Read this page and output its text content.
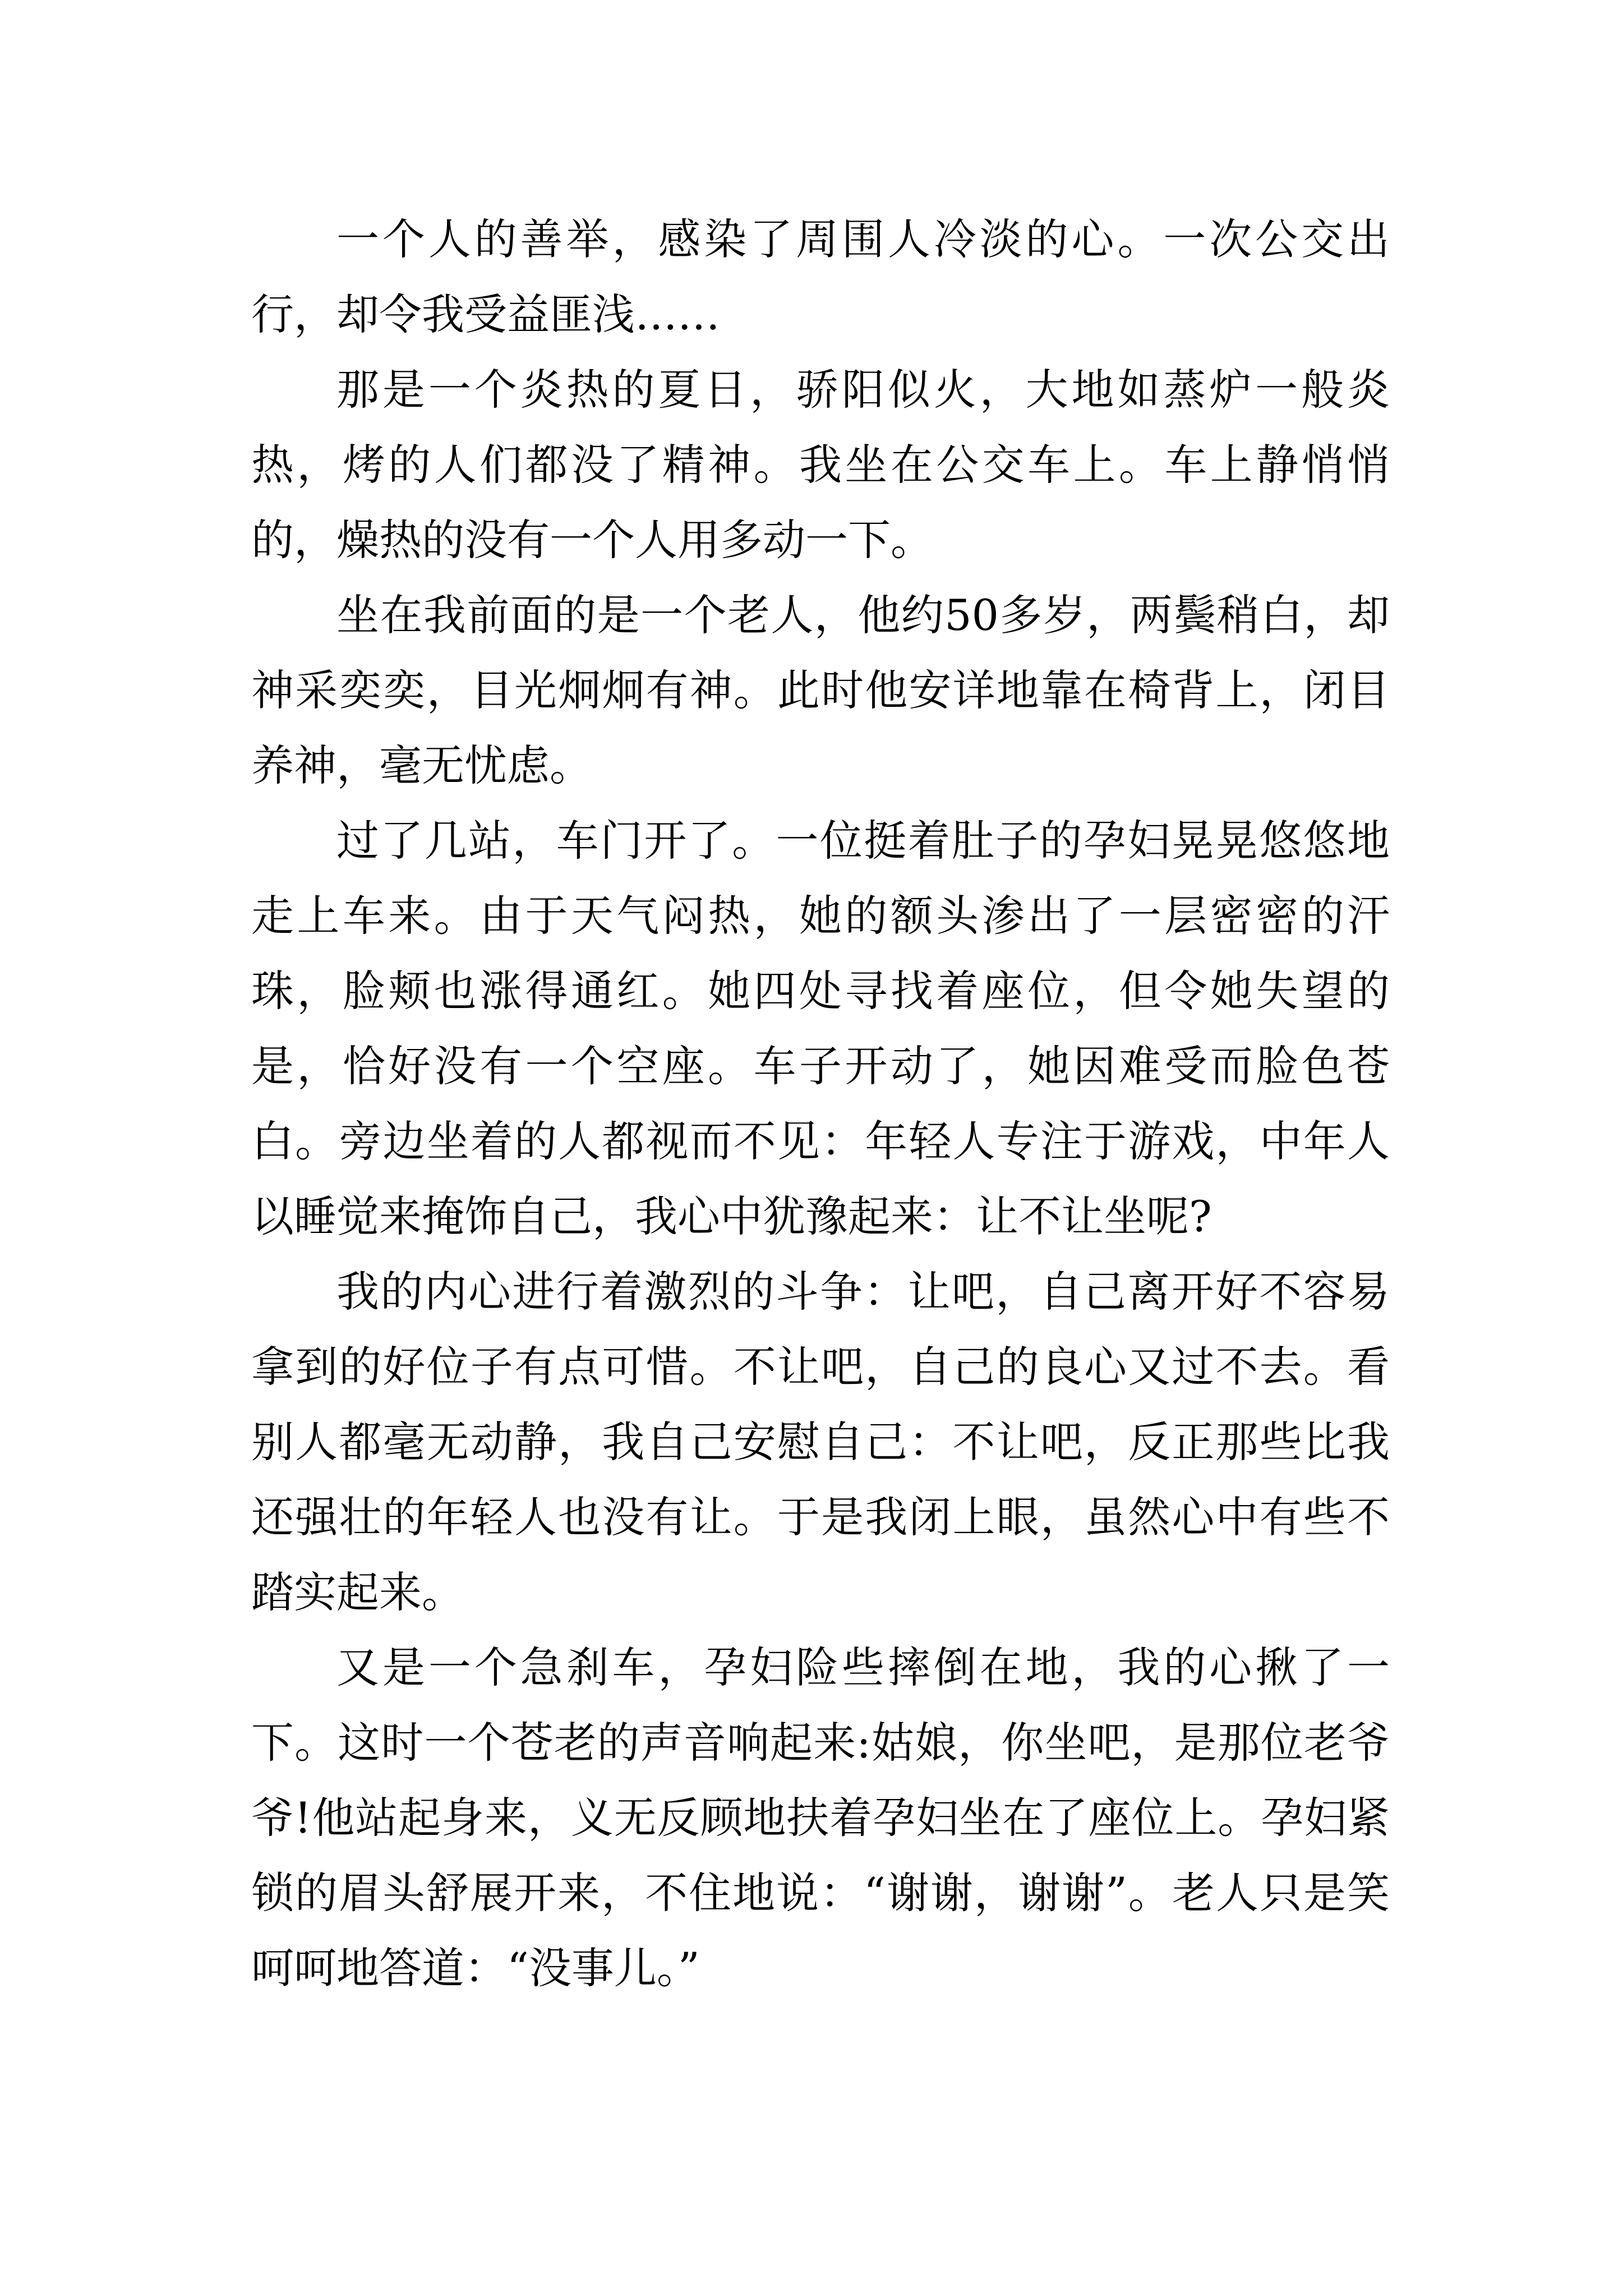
一个人的善举，感染了周围人冷淡的心。一次公交出行，却令我受益匪浅……

那是一个炎热的夏日，骄阳似火，大地如蒸炉一般炎热，烤的人们都没了精神。我坐在公交车上。车上静悄悄的，燥热的没有一个人用多动一下。

坐在我前面的是一个老人，他约50多岁，两鬓稍白，却神采奕奕，目光炯炯有神。此时他安详地靠在椅背上，闭目养神，毫无忧虑。

过了几站，车门开了。一位挺着肚子的孕妇晃晃悠悠地走上车来。由于天气闷热，她的额头渗出了一层密密的汗珠，脸颊也涨得通红。她四处寻找着座位，但令她失望的是，恰好没有一个空座。车子开动了，她因难受而脸色苍白。旁边坐着的人都视而不见：年轻人专注于游戏，中年人以睡觉来掩饰自己，我心中犹豫起来：让不让坐呢?

我的内心进行着激烈的斗争：让吧，自己离开好不容易拿到的好位子有点可惜。不让吧，自己的良心又过不去。看别人都毫无动静，我自己安慰自己：不让吧，反正那些比我还强壮的年轻人也没有让。于是我闭上眼，虽然心中有些不踏实起来。

又是一个急刹车，孕妇险些摔倒在地，我的心揪了一下。这时一个苍老的声音响起来:姑娘，你坐吧，是那位老爷爷!他站起身来，义无反顾地扶着孕妇坐在了座位上。孕妇紧锁的眉头舒展开来，不住地说：“谢谢，谢谢”。老人只是笑呵呵地答道：“没事儿。”
